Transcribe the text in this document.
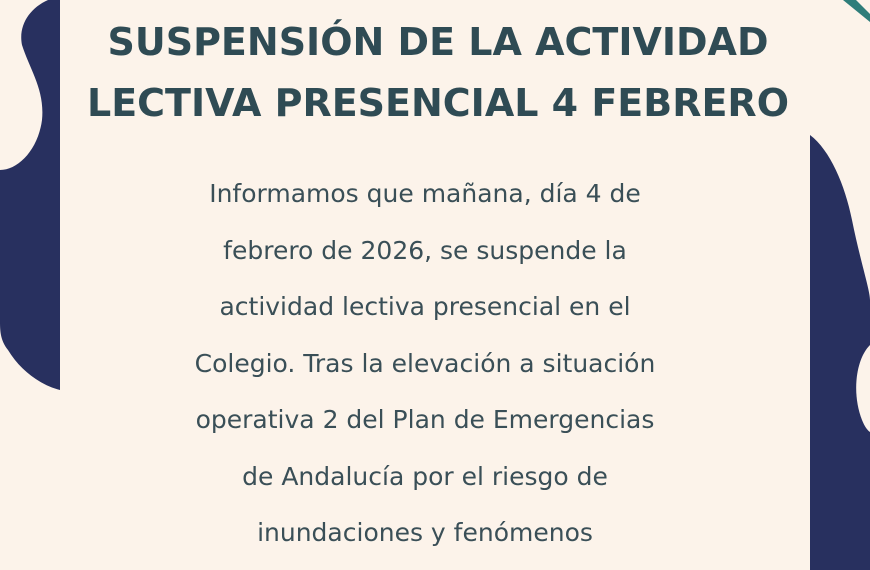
SUSPENSIÓN DE LA ACTIVIDAD
LECTIVA PRESENCIAL 4 FEBRERO
Informamos que mañana, día 4 de
febrero de 2026, se suspende la
actividad lectiva presencial en el
Colegio. Tras la elevación a situación
operativa 2 del Plan de Emergencias
de Andalucía por el riesgo de
inundaciones y fenómenos
